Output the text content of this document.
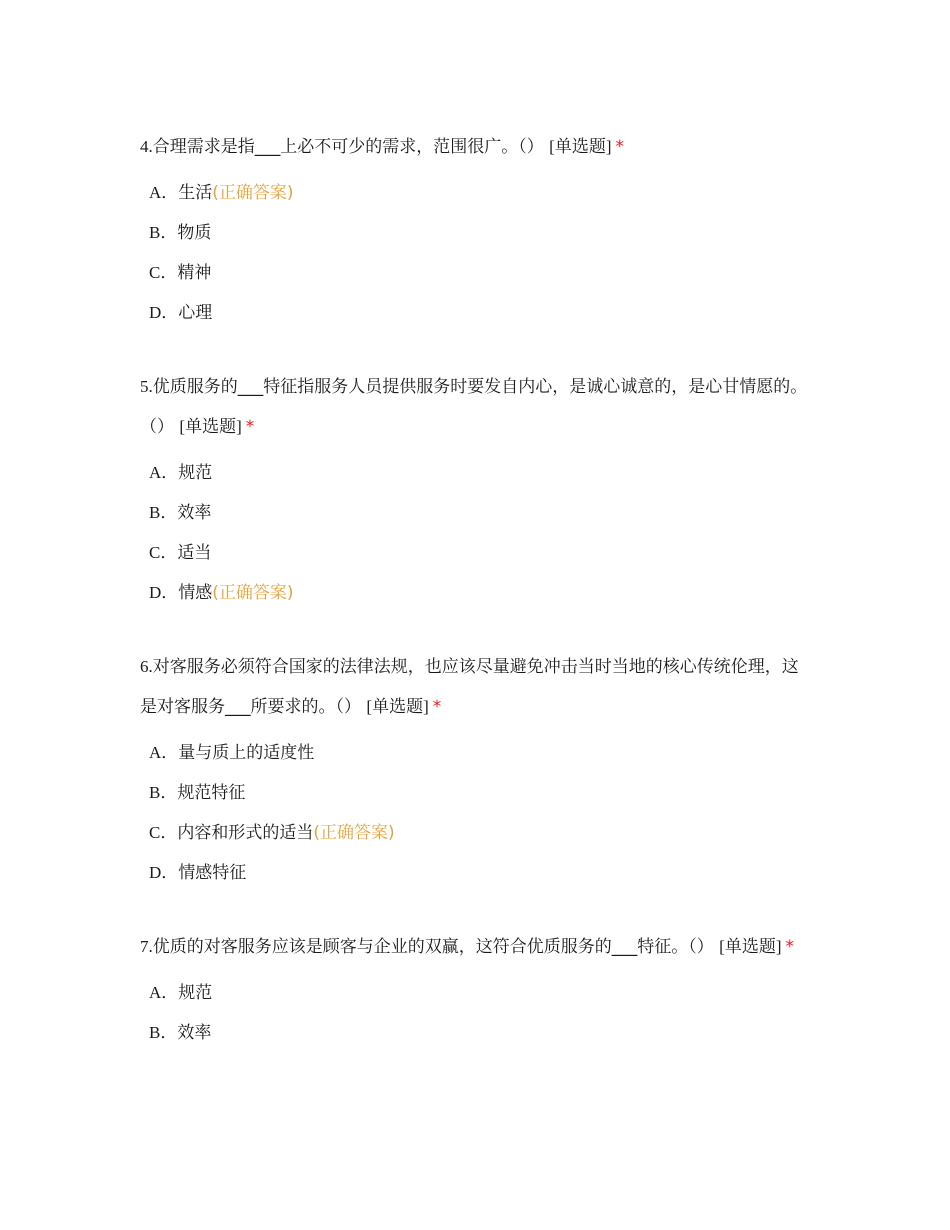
4.合理需求是指___上必不可少的需求，范围很广。（） [单选题] *

A．生活(正确答案)
B．物质
C．精神
D．心理

5.优质服务的___特征指服务人员提供服务时要发自内心，是诚心诚意的，是心甘情愿的。（） [单选题] *

A．规范
B．效率
C．适当
D．情感(正确答案)

6.对客服务必须符合国家的法律法规，也应该尽量避免冲击当时当地的核心传统伦理，这是对客服务___所要求的。（） [单选题] *

A．量与质上的适度性
B．规范特征
C．内容和形式的适当(正确答案)
D．情感特征

7.优质的对客服务应该是顾客与企业的双赢，这符合优质服务的___特征。（） [单选题] *

A．规范
B．效率
